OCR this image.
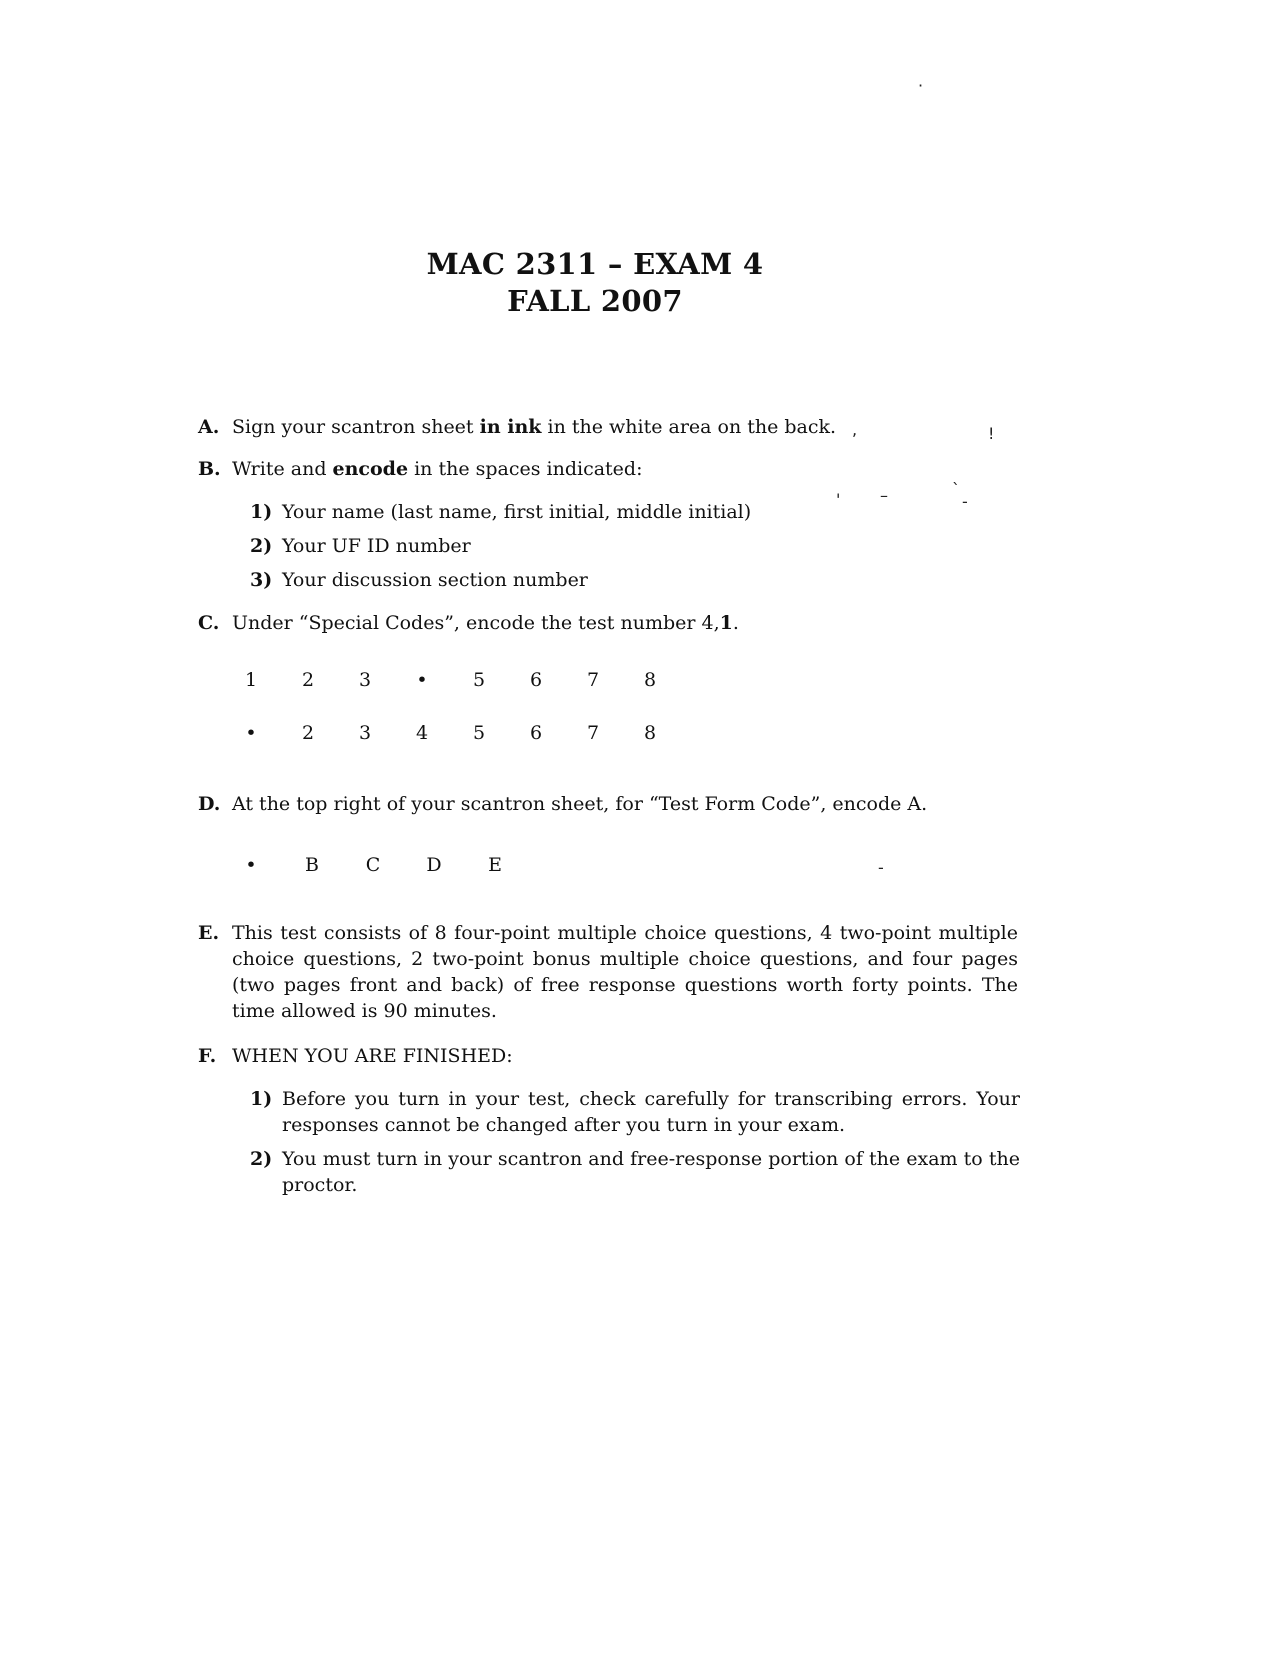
MAC 2311 – EXAM 4
FALL 2007
A. Sign your scantron sheet in ink in the white area on the back.
B. Write and encode in the spaces indicated:
1) Your name (last name, first initial, middle initial)
2) Your UF ID number
3) Your discussion section number
C. Under “Special Codes”, encode the test number 4,1.
1	2	3	•	5	6	7	8
•	2	3	4	5	6	7	8
D. At the top right of your scantron sheet, for “Test Form Code”, encode A.
•	B	C	D	E
E. This test consists of 8 four-point multiple choice questions, 4 two-point multiple choice questions, 2 two-point bonus multiple choice questions, and four pages (two pages front and back) of free response questions worth forty points. The time allowed is 90 minutes.
F. WHEN YOU ARE FINISHED:
1) Before you turn in your test, check carefully for transcribing errors. Your responses cannot be changed after you turn in your exam.
2) You must turn in your scantron and free-response portion of the exam to the proctor.
·
,	!
' –	`
-
-
